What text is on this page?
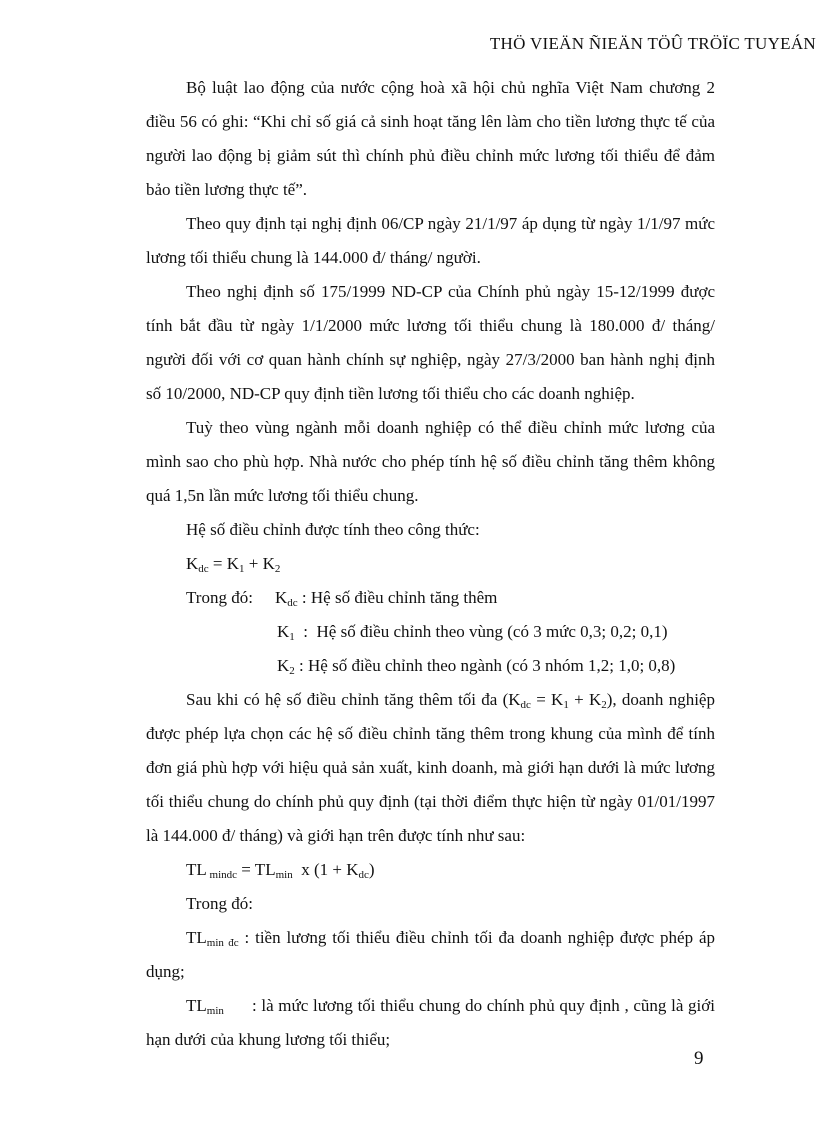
THÖ VIEÄN ÑIEÄN TÖÛ TRÖÏC TUYEÁN

Bộ luật lao động của nước cộng hoà xã hội chủ nghĩa Việt Nam chương 2 điều 56 có ghi: “Khi chỉ số giá cả sinh hoạt tăng lên làm cho tiền lương thực tế của người lao động bị giảm sút thì chính phủ điều chỉnh mức lương tối thiểu để đảm bảo tiền lương thực tế”.

Theo quy định tại nghị định 06/CP ngày 21/1/97 áp dụng từ ngày 1/1/97 mức lương tối thiểu chung là 144.000 đ/ tháng/ người.

Theo nghị định số 175/1999 ND-CP của Chính phủ ngày 15-12/1999 được tính bắt đầu từ ngày 1/1/2000 mức lương tối thiểu chung là 180.000 đ/ tháng/ người đối với cơ quan hành chính sự nghiệp, ngày 27/3/2000 ban hành nghị định số 10/2000, ND-CP quy định tiền lương tối thiểu cho các doanh nghiệp.

Tuỳ theo vùng ngành mỗi doanh nghiệp có thể điều chỉnh mức lương của mình sao cho phù hợp. Nhà nước cho phép tính hệ số điều chỉnh tăng thêm không quá 1,5n lần mức lương tối thiểu chung.

Hệ số điều chỉnh được tính theo công thức:

$K_{dc} = K_1 + K_2$

Trong đó: $K_{dc}$ : Hệ số điều chỉnh tăng thêm

$K_1$  :  Hệ số điều chỉnh theo vùng (có 3 mức 0,3; 0,2; 0,1)

$K_2$ : Hệ số điều chỉnh theo ngành (có 3 nhóm 1,2; 1,0; 0,8)

Sau khi có hệ số điều chỉnh tăng thêm tối đa $(K_{dc} = K_1 + K_2)$, doanh nghiệp được phép lựa chọn các hệ số điều chỉnh tăng thêm trong khung của mình để tính đơn giá phù hợp với hiệu quả sản xuất, kinh doanh, mà giới hạn dưới là mức lương tối thiểu chung do chính phủ quy định (tại thời điểm thực hiện từ ngày 01/01/1997 là 144.000 đ/ tháng) và giới hạn trên được tính như sau:

TL $_{mindc} = TL_{min}$  x $(1 + K_{dc})$

Trong đó:

$TL_{min đc}$ : tiền lương tối thiểu điều chỉnh tối đa doanh nghiệp được phép áp dụng;

$TL_{min}$      : là mức lương tối thiểu chung do chính phủ quy định , cũng là giới hạn dưới của khung lương tối thiểu;

9
